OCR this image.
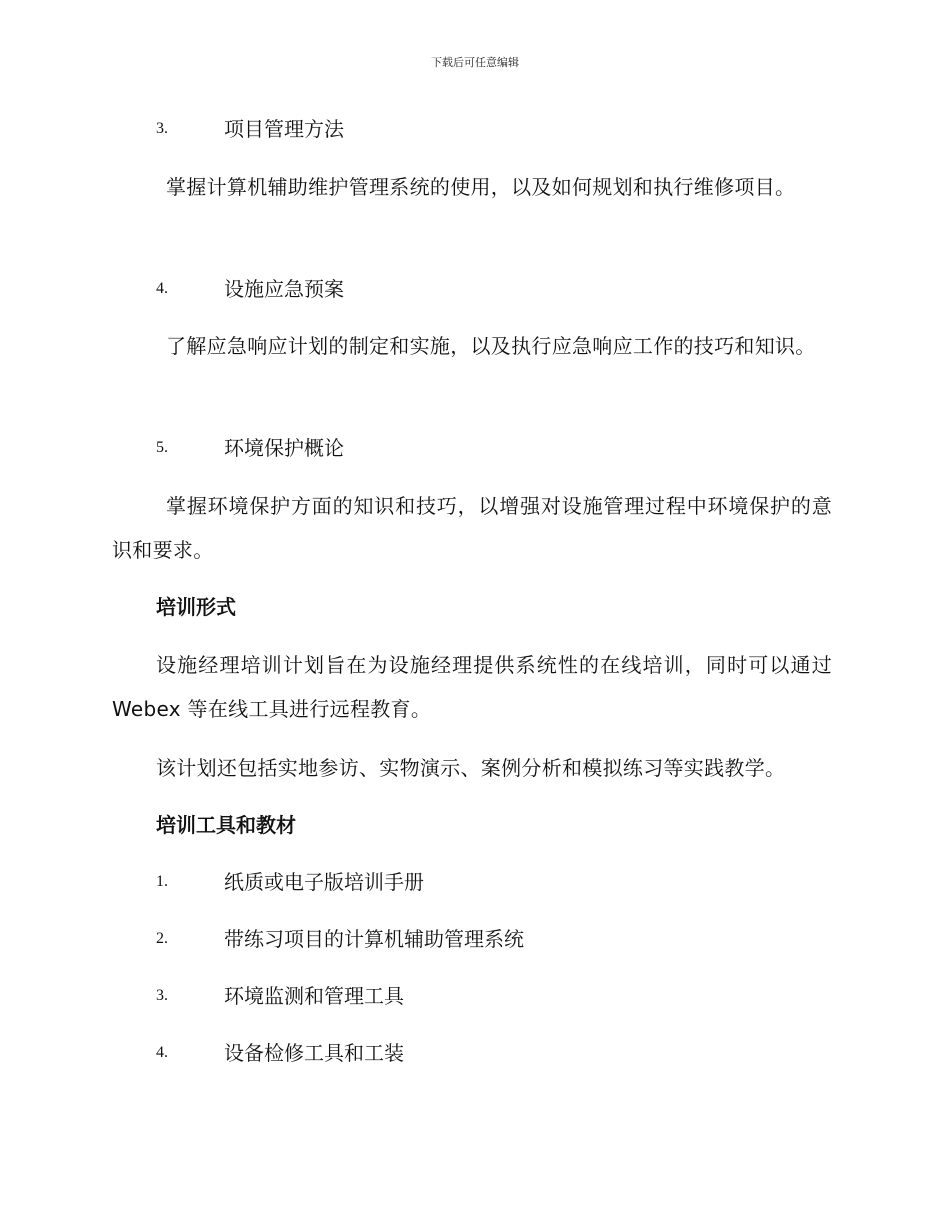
下载后可任意编辑
3.	项目管理方法
掌握计算机辅助维护管理系统的使用，以及如何规划和执行维修项目。
4.	设施应急预案
了解应急响应计划的制定和实施，以及执行应急响应工作的技巧和知识。
5.	环境保护概论
掌握环境保护方面的知识和技巧，以增强对设施管理过程中环境保护的意识和要求。
培训形式
设施经理培训计划旨在为设施经理提供系统性的在线培训，同时可以通过 Webex 等在线工具进行远程教育。
该计划还包括实地参访、实物演示、案例分析和模拟练习等实践教学。
培训工具和教材
1.	纸质或电子版培训手册
2.	带练习项目的计算机辅助管理系统
3.	环境监测和管理工具
4.	设备检修工具和工装
